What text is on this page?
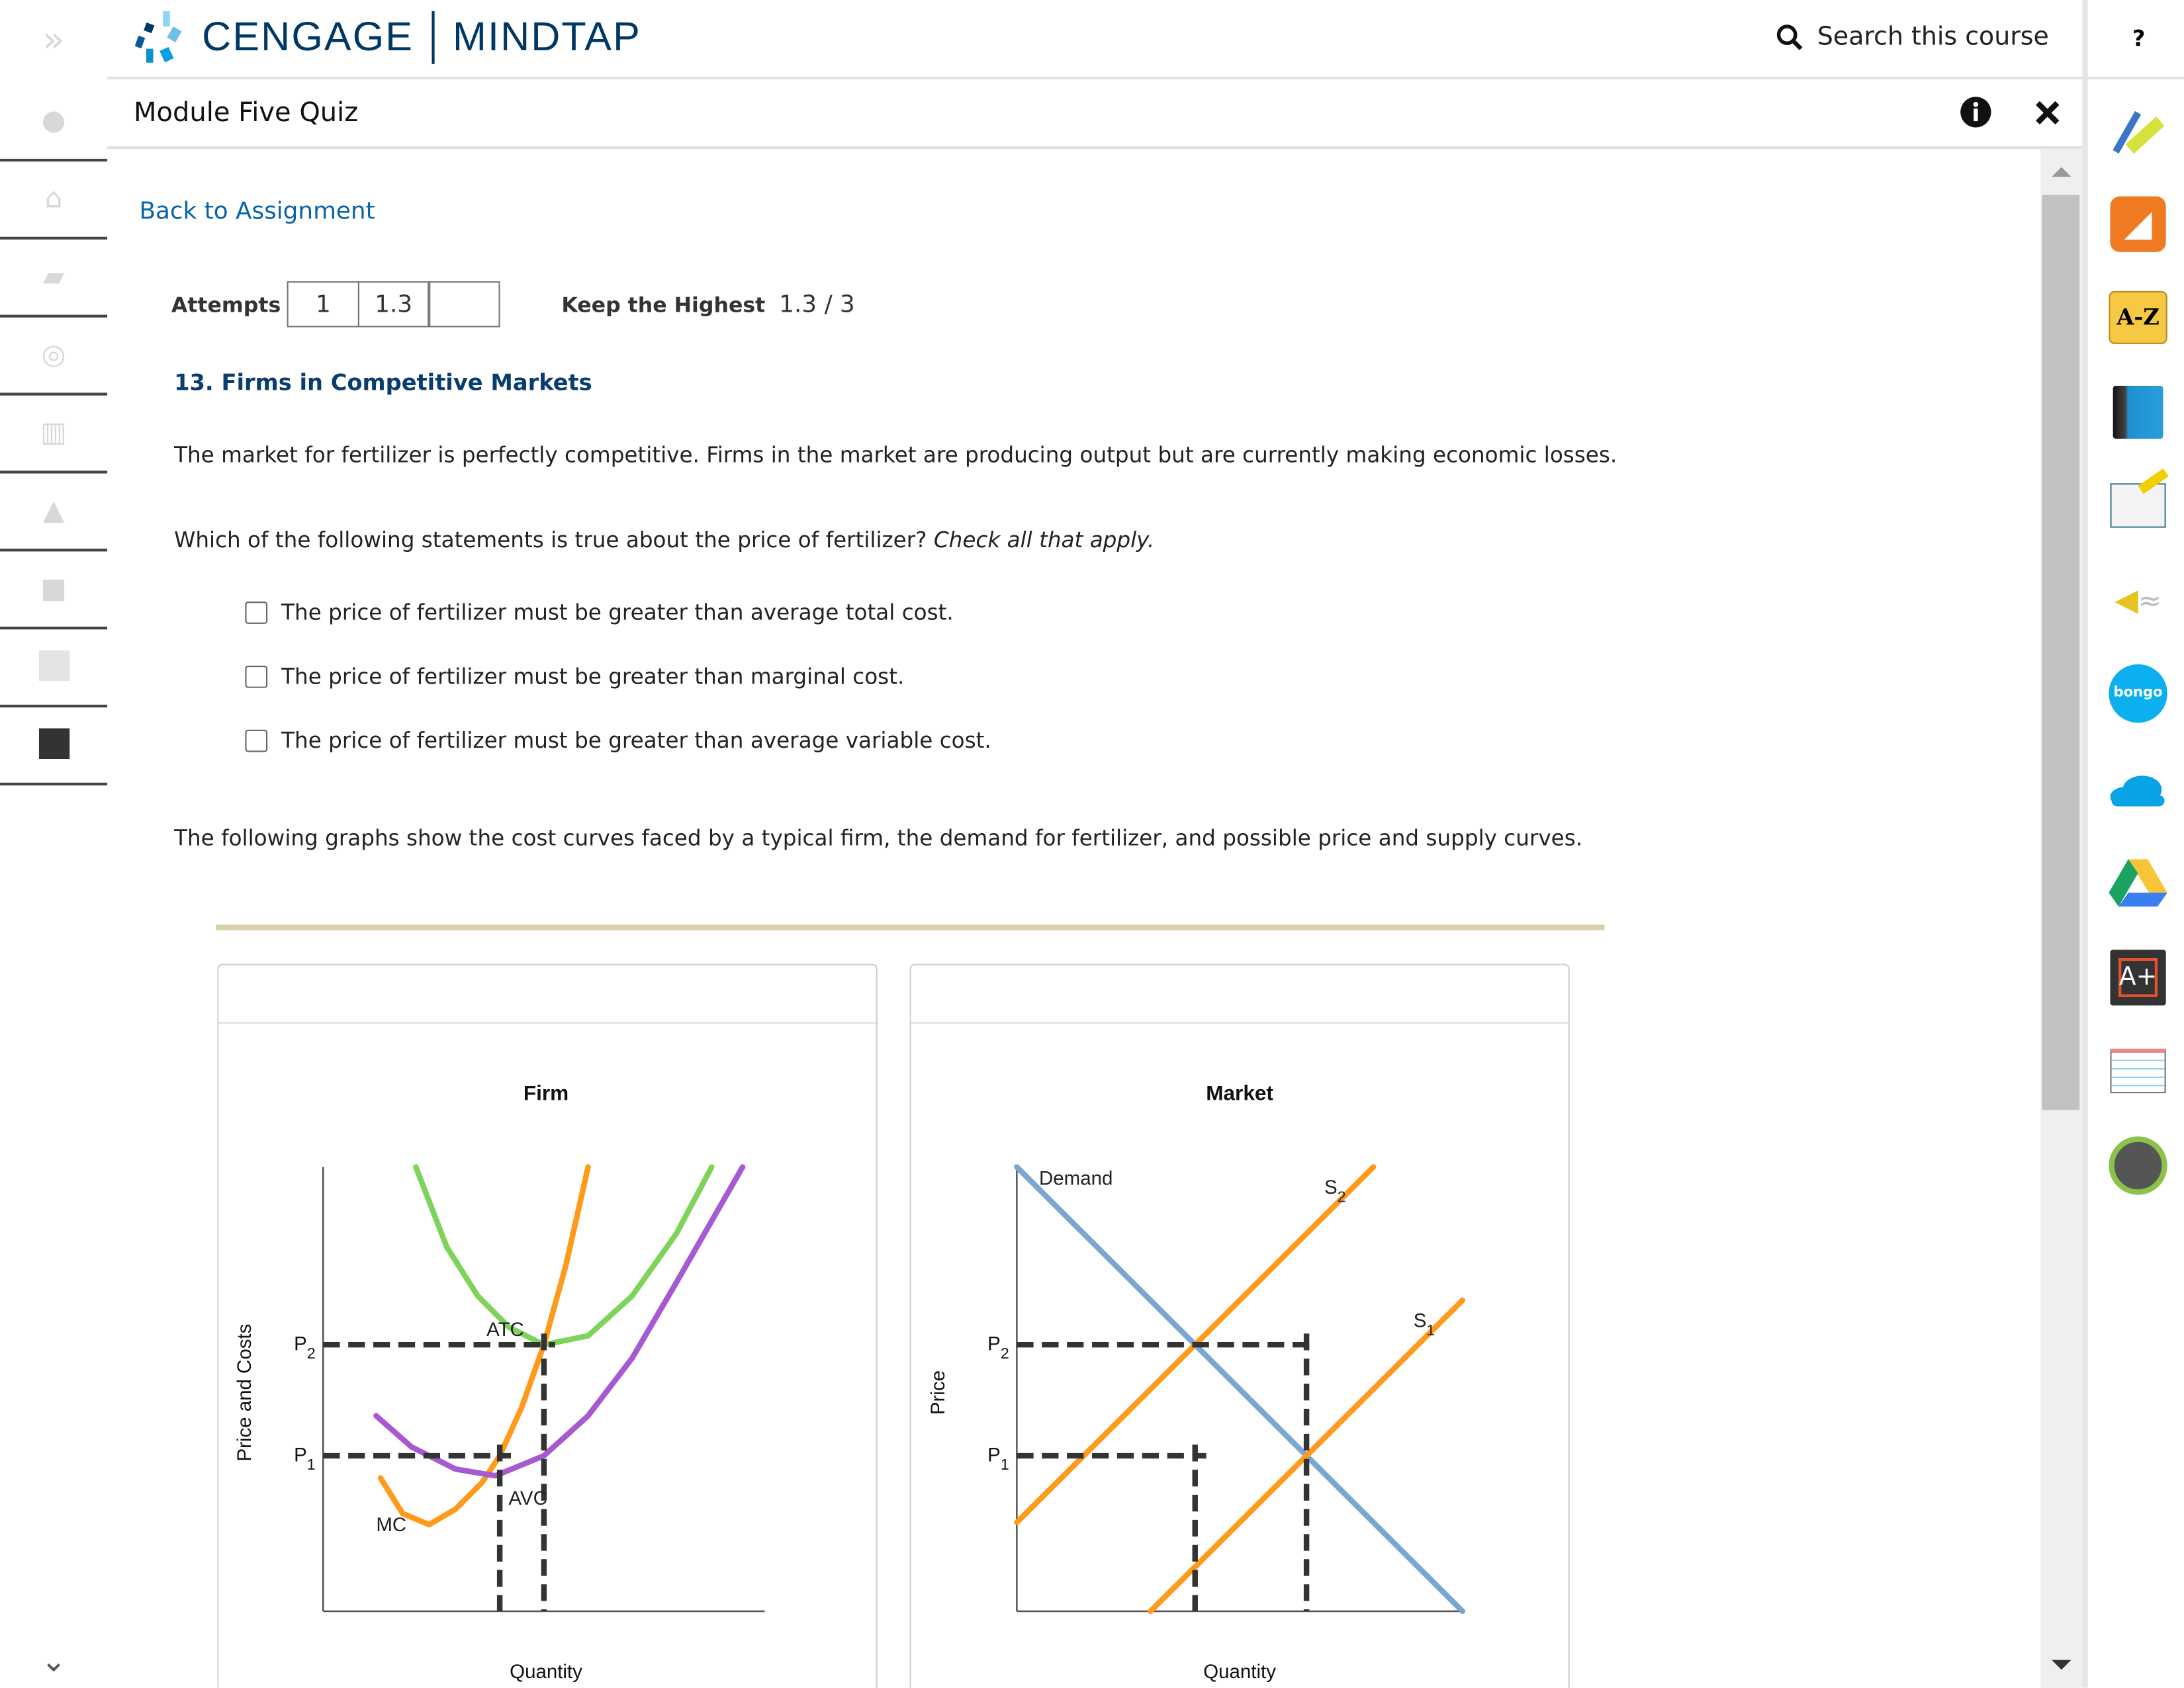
»
●
⌂
▰
◎
▥
▲
■
⌄
CENGAGE MINDTAP	Search this course
Module Five Quiz
Back to Assignment
Attempts	1	1.3	Keep the Highest 1.3 / 3
13. Firms in Competitive Markets
The market for fertilizer is perfectly competitive. Firms in the market are producing output but are currently making economic losses.
Which of the following statements is true about the price of fertilizer? Check all that apply.
The price of fertilizer must be greater than average total cost.
The price of fertilizer must be greater than marginal cost.
The price of fertilizer must be greater than average variable cost.
The following graphs show the cost curves faced by a typical firm, the demand for fertilizer, and possible price and supply curves.
Firm
Quantity
Price and Costs	$P_1$
$P_2$
ATC
MC
AVC
Market
Quantity
Price
$P_1$
$P_2$
Demand	$S_2$
$S_1$
?
◢
A-Z
◀ ≈
bongo
A+
